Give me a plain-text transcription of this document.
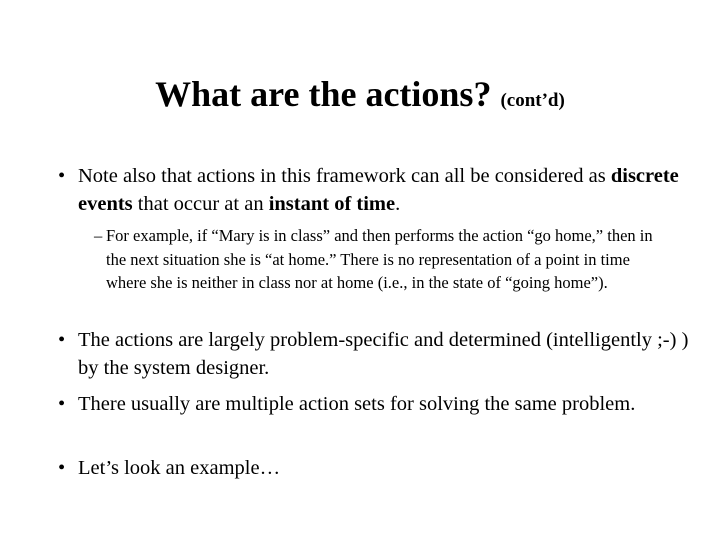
What are the actions? (cont’d)
• Note also that actions in this framework can all be considered as discrete events that occur at an instant of time.
– For example, if “Mary is in class” and then performs the action “go home,” then in the next situation she is “at home.” There is no representation of a point in time where she is neither in class nor at home (i.e., in the state of “going home”).
• The actions are largely problem-specific and determined (intelligently ;-) ) by the system designer.
• There usually are multiple action sets for solving the same problem.
• Let’s look an example…
